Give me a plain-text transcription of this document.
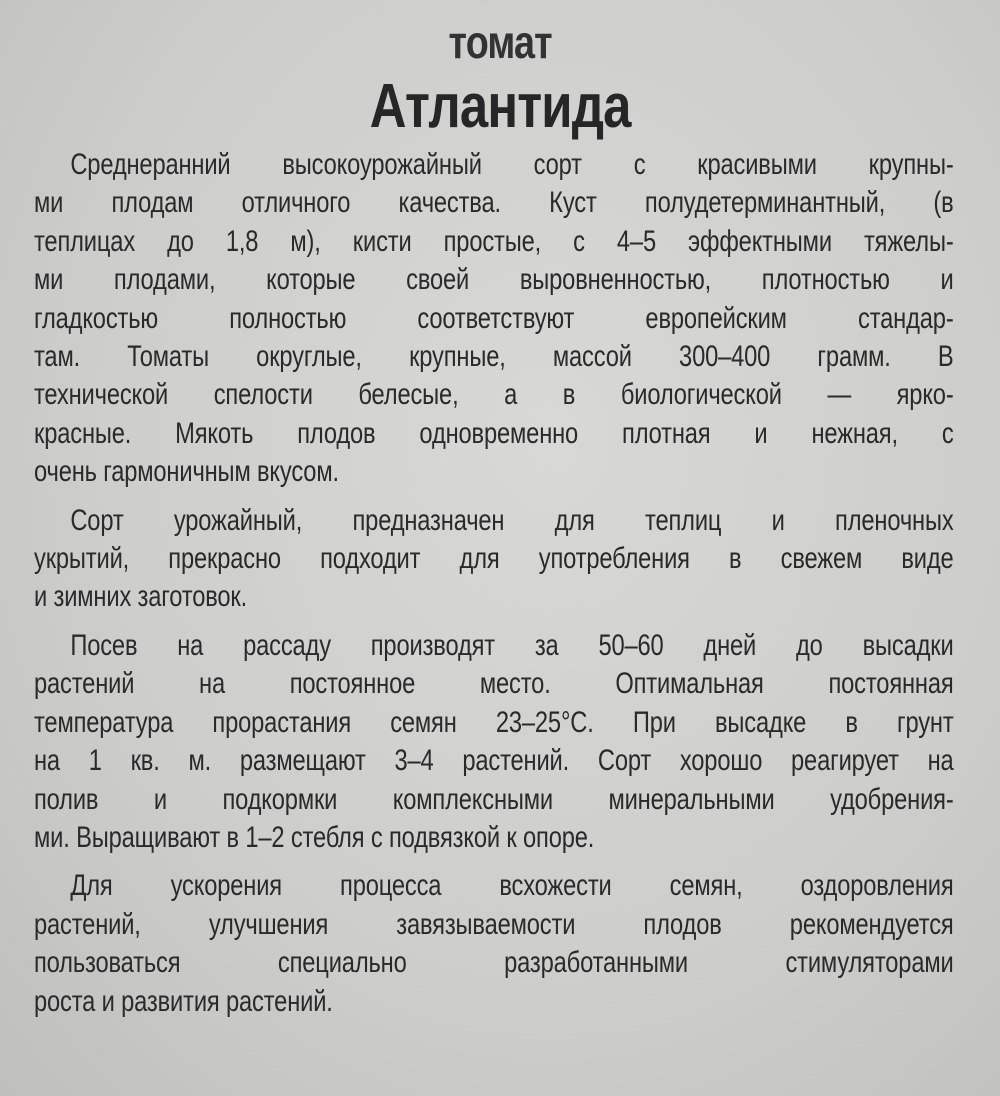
томат
Атлантида

Среднеранний высокоурожайный сорт с красивыми крупны-
ми плодам отличного качества. Куст полудетерминантный, (в
теплицах до 1,8 м), кисти простые, с 4–5 эффектными тяжелы-
ми плодами, которые своей выровненностью, плотностью и
гладкостью полностью соответствуют европейским стандар-
там. Томаты округлые, крупные, массой 300–400 грамм. В
технической спелости белесые, а в биологической — ярко-
красные. Мякоть плодов одновременно плотная и нежная, с
очень гармоничным вкусом.

Сорт урожайный, предназначен для теплиц и пленочных
укрытий, прекрасно подходит для употребления в свежем виде
и зимних заготовок.

Посев на рассаду производят за 50–60 дней до высадки
растений на постоянное место. Оптимальная постоянная
температура прорастания семян 23–25°С. При высадке в грунт
на 1 кв. м. размещают 3–4 растений. Сорт хорошо реагирует на
полив и подкормки комплексными минеральными удобрения-
ми. Выращивают в 1–2 стебля с подвязкой к опоре.

Для ускорения процесса всхожести семян, оздоровления
растений, улучшения завязываемости плодов рекомендуется
пользоваться специально разработанными стимуляторами
роста и развития растений.
